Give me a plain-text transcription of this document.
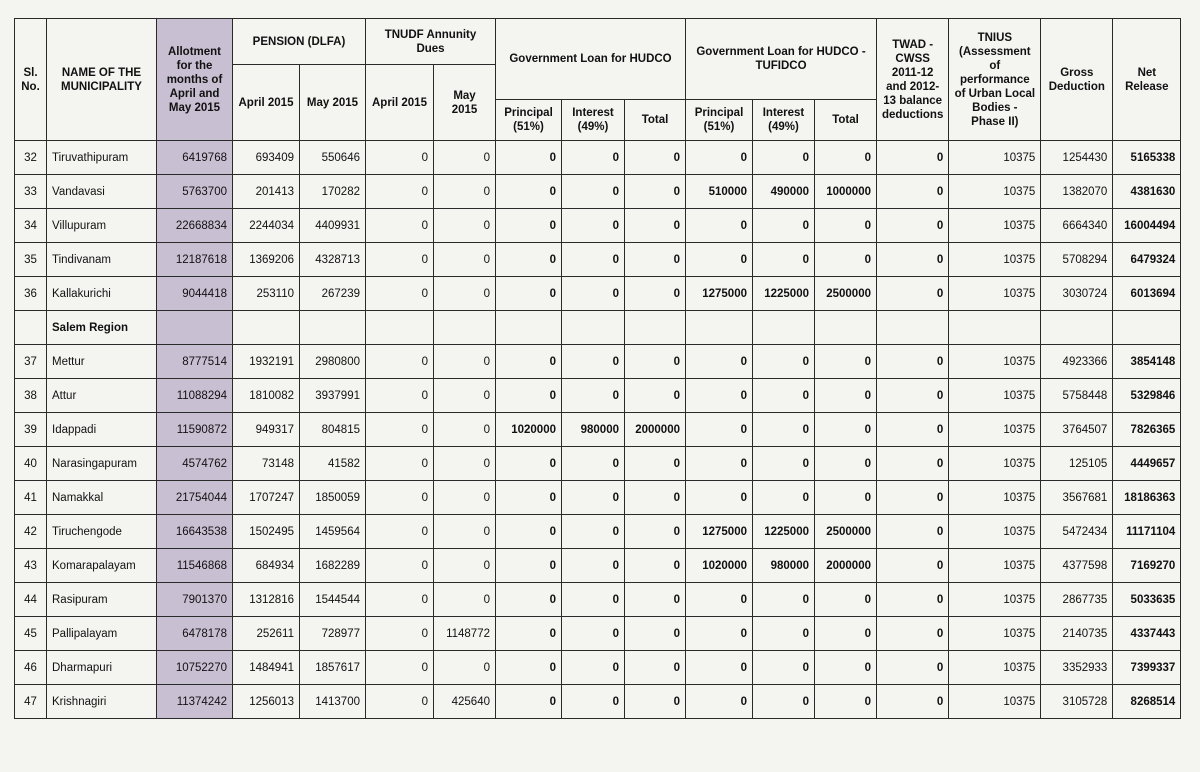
Sl. No.	NAME OF THE MUNICIPALITY	Allotment for the months of April and May 2015	PENSION (DLFA)		TNUDF Annunity Dues		Government Loan for HUDCO			Government Loan for HUDCO - TUFIDCO			TWAD - CWSS 2011-12 and 2012-13 balance deductions	TNIUS (Assessment of performance of Urban Local Bodies - Phase II)	Gross Deduction	Net Release
			April 2015	May 2015	April 2015	May 2015										
							Principal (51%)	Interest (49%)	Total	Principal (51%)	Interest (49%)	Total				
32	Tiruvathipuram	6419768	693409	550646	0	0	0	0	0	0	0	0	0	10375	1254430	5165338
33	Vandavasi	5763700	201413	170282	0	0	0	0	0	510000	490000	1000000	0	10375	1382070	4381630
34	Villupuram	22668834	2244034	4409931	0	0	0	0	0	0	0	0	0	10375	6664340	16004494
35	Tindivanam	12187618	1369206	4328713	0	0	0	0	0	0	0	0	0	10375	5708294	6479324
36	Kallakurichi	9044418	253110	267239	0	0	0	0	0	1275000	1225000	2500000	0	10375	3030724	6013694
	Salem Region															
37	Mettur	8777514	1932191	2980800	0	0	0	0	0	0	0	0	0	10375	4923366	3854148
38	Attur	11088294	1810082	3937991	0	0	0	0	0	0	0	0	0	10375	5758448	5329846
39	Idappadi	11590872	949317	804815	0	0	1020000	980000	2000000	0	0	0	0	10375	3764507	7826365
40	Narasingapuram	4574762	73148	41582	0	0	0	0	0	0	0	0	0	10375	125105	4449657
41	Namakkal	21754044	1707247	1850059	0	0	0	0	0	0	0	0	0	10375	3567681	18186363
42	Tiruchengode	16643538	1502495	1459564	0	0	0	0	0	1275000	1225000	2500000	0	10375	5472434	11171104
43	Komarapalayam	11546868	684934	1682289	0	0	0	0	0	1020000	980000	2000000	0	10375	4377598	7169270
44	Rasipuram	7901370	1312816	1544544	0	0	0	0	0	0	0	0	0	10375	2867735	5033635
45	Pallipalayam	6478178	252611	728977	0	1148772	0	0	0	0	0	0	0	10375	2140735	4337443
46	Dharmapuri	10752270	1484941	1857617	0	0	0	0	0	0	0	0	0	10375	3352933	7399337
47	Krishnagiri	11374242	1256013	1413700	0	425640	0	0	0	0	0	0	0	10375	3105728	8268514
